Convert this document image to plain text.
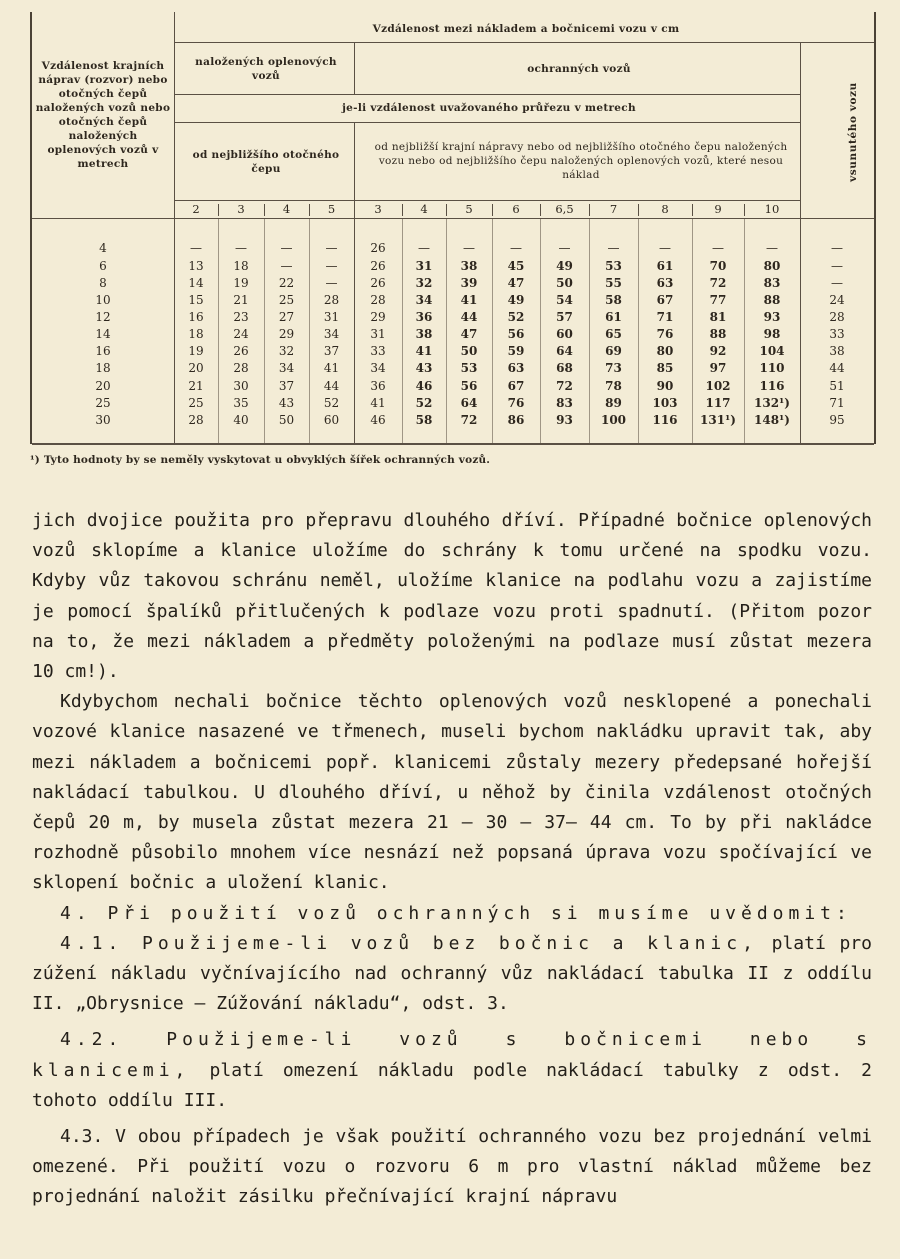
Vzdálenost krajních náprav (rozvor) nebo otočných čepů naložených vozů nebo otočných čepů naložených oplenových vozů v metrech
Vzdálenost mezi nákladem a bočnicemi vozu v cm
naložených oplenových vozů
ochranných vozů
vsunutého vozu
je-li vzdálenost uvažovaného průřezu v metrech
od nejbližšího otočného čepu
od nejbližší krajní nápravy nebo od nejbližšího otočného čepu naložených vozu nebo od nejbližšího čepu naložených oplenových vozů, které nesou náklad
2	3	4	5	3	4	5	6	6,5	7	8	9	10
4	—	—	—	—	26	—	—	—	—	—	—	—	—	—
6	13	18	—	—	26	31	38	45	49	53	61	70	80	—
8	14	19	22	—	26	32	39	47	50	55	63	72	83	—
10	15	21	25	28	28	34	41	49	54	58	67	77	88	24
12	16	23	27	31	29	36	44	52	57	61	71	81	93	28
14	18	24	29	34	31	38	47	56	60	65	76	88	98	33
16	19	26	32	37	33	41	50	59	64	69	80	92	104	38
18	20	28	34	41	34	43	53	63	68	73	85	97	110	44
20	21	30	37	44	36	46	56	67	72	78	90	102	116	51
25	25	35	43	52	41	52	64	76	83	89	103	117	132¹)	71
30	28	40	50	60	46	58	72	86	93	100	116	131¹)	148¹)	95
¹) Tyto hodnoty by se neměly vyskytovat u obvyklých šířek ochranných vozů.

jich dvojice použita pro přepravu dlouhého dříví. Případné bočnice oplenových vozů sklopíme a klanice uložíme do schrány k tomu určené na spodku vozu. Kdyby vůz takovou schránu neměl, uložíme klanice na podlahu vozu a zajistíme je pomocí špalíků přitlučených k podlaze vozu proti spadnutí. (Přitom pozor na to, že mezi nákladem a předměty položenými na podlaze musí zůstat mezera 10 cm!).

Kdybychom nechali bočnice těchto oplenových vozů nesklopené a ponechali vozové klanice nasazené ve třmenech, museli bychom nakládku upravit tak, aby mezi nákladem a bočnicemi popř. klanicemi zůstaly mezery předepsané hořejší nakládací tabulkou. U dlouhého dříví, u něhož by činila vzdálenost otočných čepů 20 m, by musela zůstat mezera 21 — 30 — 37— 44 cm. To by při nakládce rozhodně působilo mnohem více nesnází než popsaná úprava vozu spočívající ve sklopení bočnic a uložení klanic.

4. Při použití vozů ochranných si musíme uvědomit:

4.1. Použijeme-li vozů bez bočnic a klanic, platí pro zúžení nákladu vyčnívajícího nad ochranný vůz nakládací tabulka II z oddílu II. „Obrysnice — Zúžování nákladu“, odst. 3.

4.2. Použijeme-li vozů s bočnicemi nebo s klanicemi, platí omezení nákladu podle nakládací tabulky z odst. 2 tohoto oddílu III.

4.3. V obou případech je však použití ochranného vozu bez projednání velmi omezené. Při použití vozu o rozvoru 6 m pro vlastní náklad můžeme bez projednání naložit zásilku přečnívající krajní nápravu
